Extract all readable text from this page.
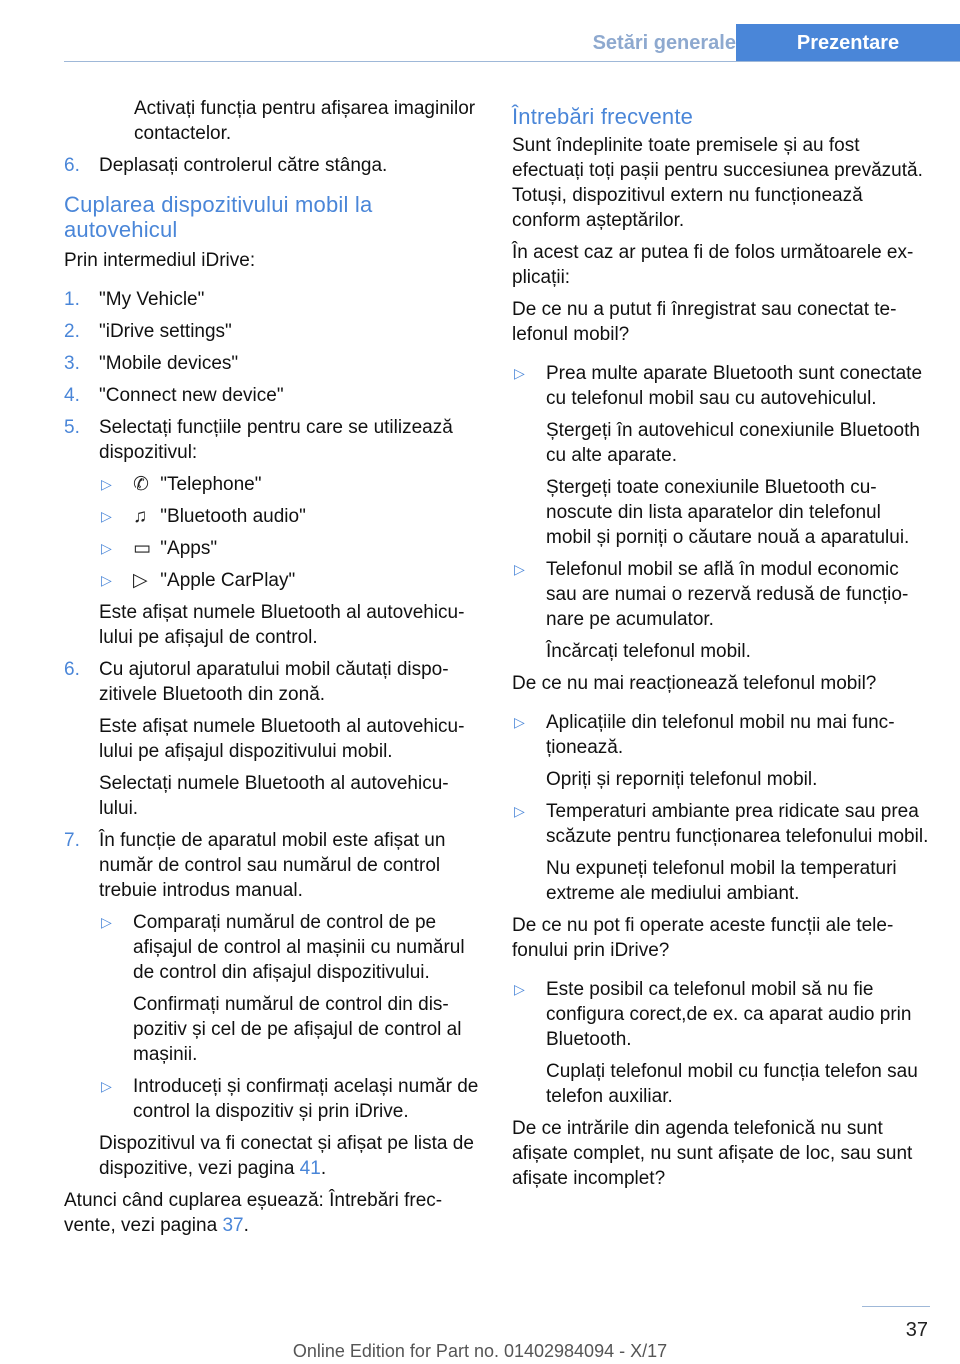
Setări generale	Prezentare

Activați funcția pentru afișarea imaginilor contactelor.

6. Deplasați controlerul către stânga.
Cuplarea dispozitivului mobil la autovehicul

Prin intermediul iDrive:

1. "My Vehicle"
2. "iDrive settings"
3. "Mobile devices"
4. "Connect new device"
5. Selectați funcțiile pentru care se utilizează dispozitivul:

▷ ✆ "Telephone"
▷ ♫ "Bluetooth audio"
▷ ▭ "Apps"
▷ ▷ "Apple CarPlay"

Este afișat numele Bluetooth al autovehiculului pe afișajul de control.

6. Cu ajutorul aparatului mobil căutați dispozitivele Bluetooth din zonă.

Este afișat numele Bluetooth al autovehiculului pe afișajul dispozitivului mobil.

Selectați numele Bluetooth al autovehiculului.

7. În funcție de aparatul mobil este afișat un număr de control sau numărul de control trebuie introdus manual.

▷ Comparați numărul de control de pe afișajul de control al mașinii cu numărul de control din afișajul dispozitivului.

Confirmați numărul de control din dispozitiv și cel de pe afișajul de control al mașinii.

▷ Introduceți și confirmați același număr de control la dispozitiv și prin iDrive.

Dispozitivul va fi conectat și afișat pe lista de dispozitive, vezi pagina 41.

Atunci când cuplarea eșuează: Întrebări frecvente, vezi pagina 37.

Întrebări frecvente

Sunt îndeplinite toate premisele și au fost efectuați toți pașii pentru succesiunea prevăzută. Totuși, dispozitivul extern nu funcționează conform așteptărilor.

În acest caz ar putea fi de folos următoarele explicații:

De ce nu a putut fi înregistrat sau conectat telefonul mobil?

▷ Prea multe aparate Bluetooth sunt conectate cu telefonul mobil sau cu autovehiculul.

Ștergeți în autovehicul conexiunile Bluetooth cu alte aparate.

Ștergeți toate conexiunile Bluetooth cunoscute din lista aparatelor din telefonul mobil și porniți o căutare nouă a aparatului.

▷ Telefonul mobil se află în modul economic sau are numai o rezervă redusă de funcționare pe acumulator.

Încărcați telefonul mobil.

De ce nu mai reacționează telefonul mobil?

▷ Aplicațiile din telefonul mobil nu mai funcționează.

Opriți și reporniți telefonul mobil.

▷ Temperaturi ambiante prea ridicate sau prea scăzute pentru funcționarea telefonului mobil.

Nu expuneți telefonul mobil la temperaturi extreme ale mediului ambiant.

De ce nu pot fi operate aceste funcții ale telefonului prin iDrive?

▷ Este posibil ca telefonul mobil să nu fie configura corect,de ex. ca aparat audio prin Bluetooth.

Cuplați telefonul mobil cu funcția telefon sau telefon auxiliar.

De ce intrările din agenda telefonică nu sunt afișate complet, nu sunt afișate de loc, sau sunt afișate incomplet?

37
Online Edition for Part no. 01402984094 - X/17
